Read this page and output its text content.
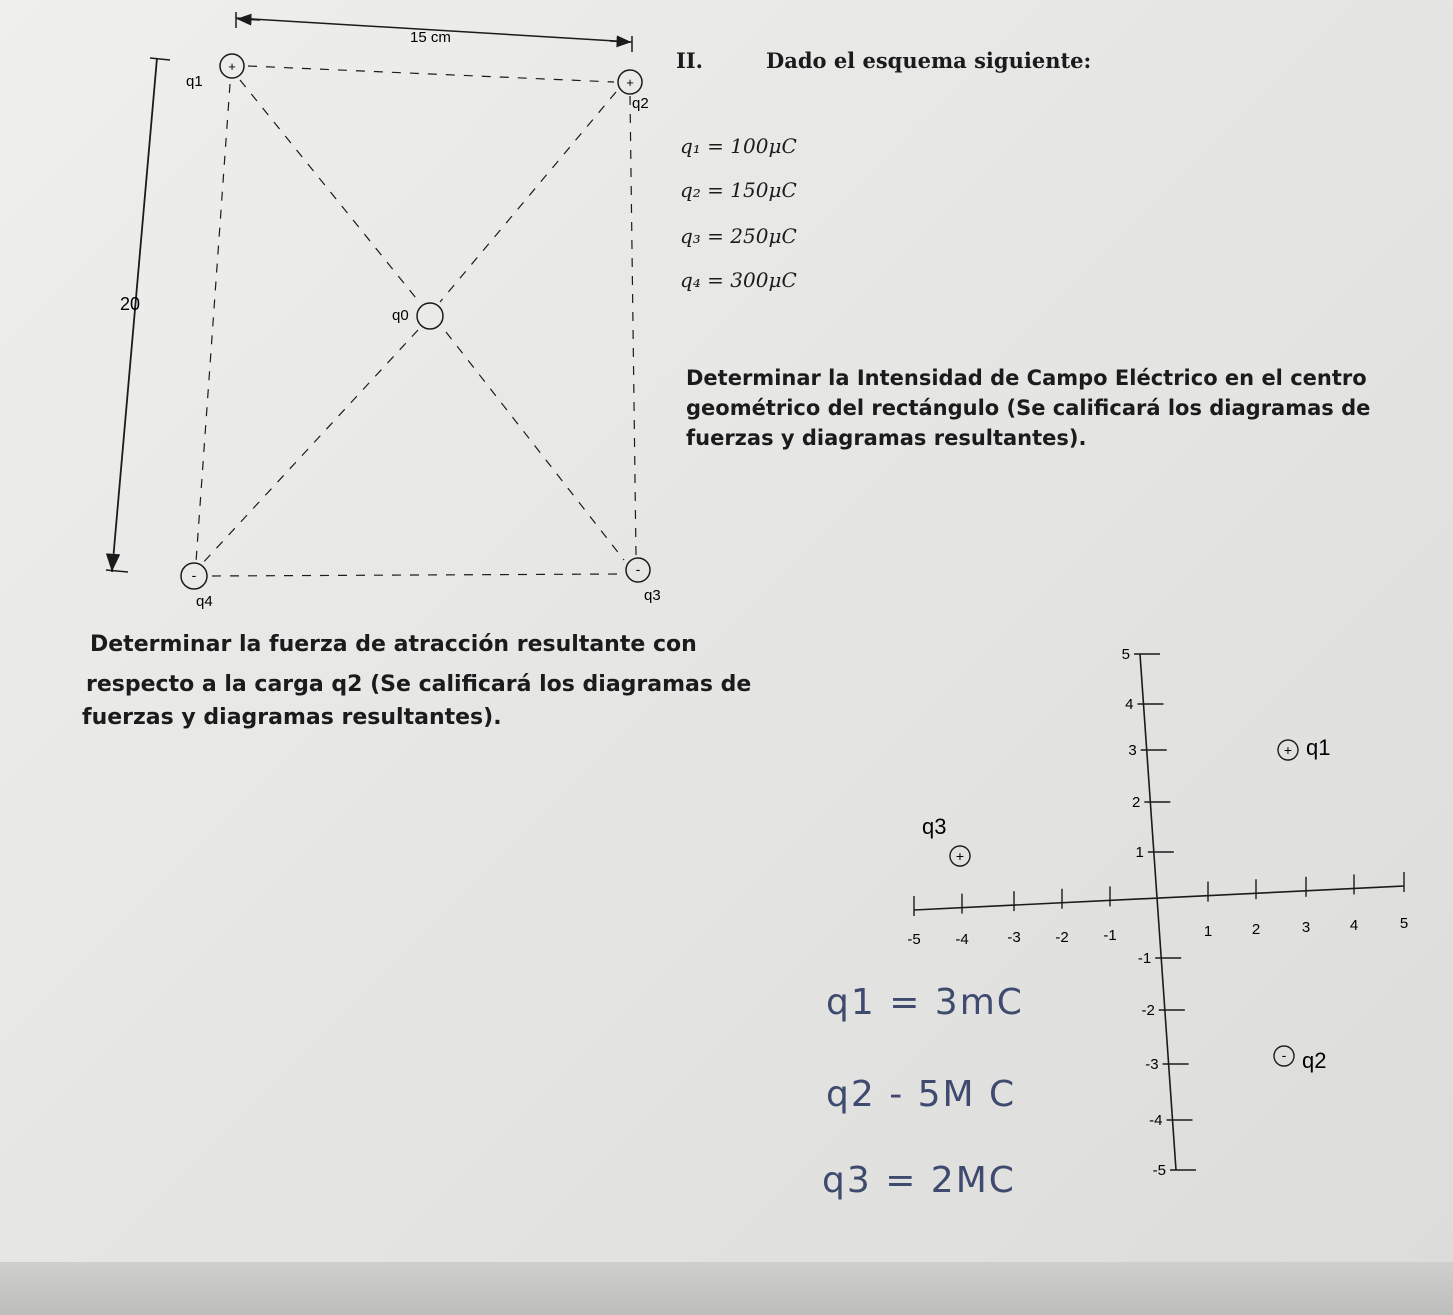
II.	Dado el esquema siguiente:
q₁ = 100μC
q₂ = 150μC
q₃ = 250μC
q₄ = 300μC
Determinar la Intensidad de Campo Eléctrico en el centro
geométrico del rectángulo (Se calificará los diagramas de
fuerzas y diagramas resultantes).
Determinar la fuerza de atracción resultante con
respecto a la carga q2 (Se calificará los diagramas de
fuerzas y diagramas resultantes).
+
q1	+
q2
-
q3
-
q4
q0
15 cm
20
-5 -4	-3 -2 -1	1	2	3	4	5
5
4
3
2
1
-1
-2
-3
-4
-5
+ q1
- q2
+
q3
q1 = 3mC
q2 - 5M C
q3 = 2MC
